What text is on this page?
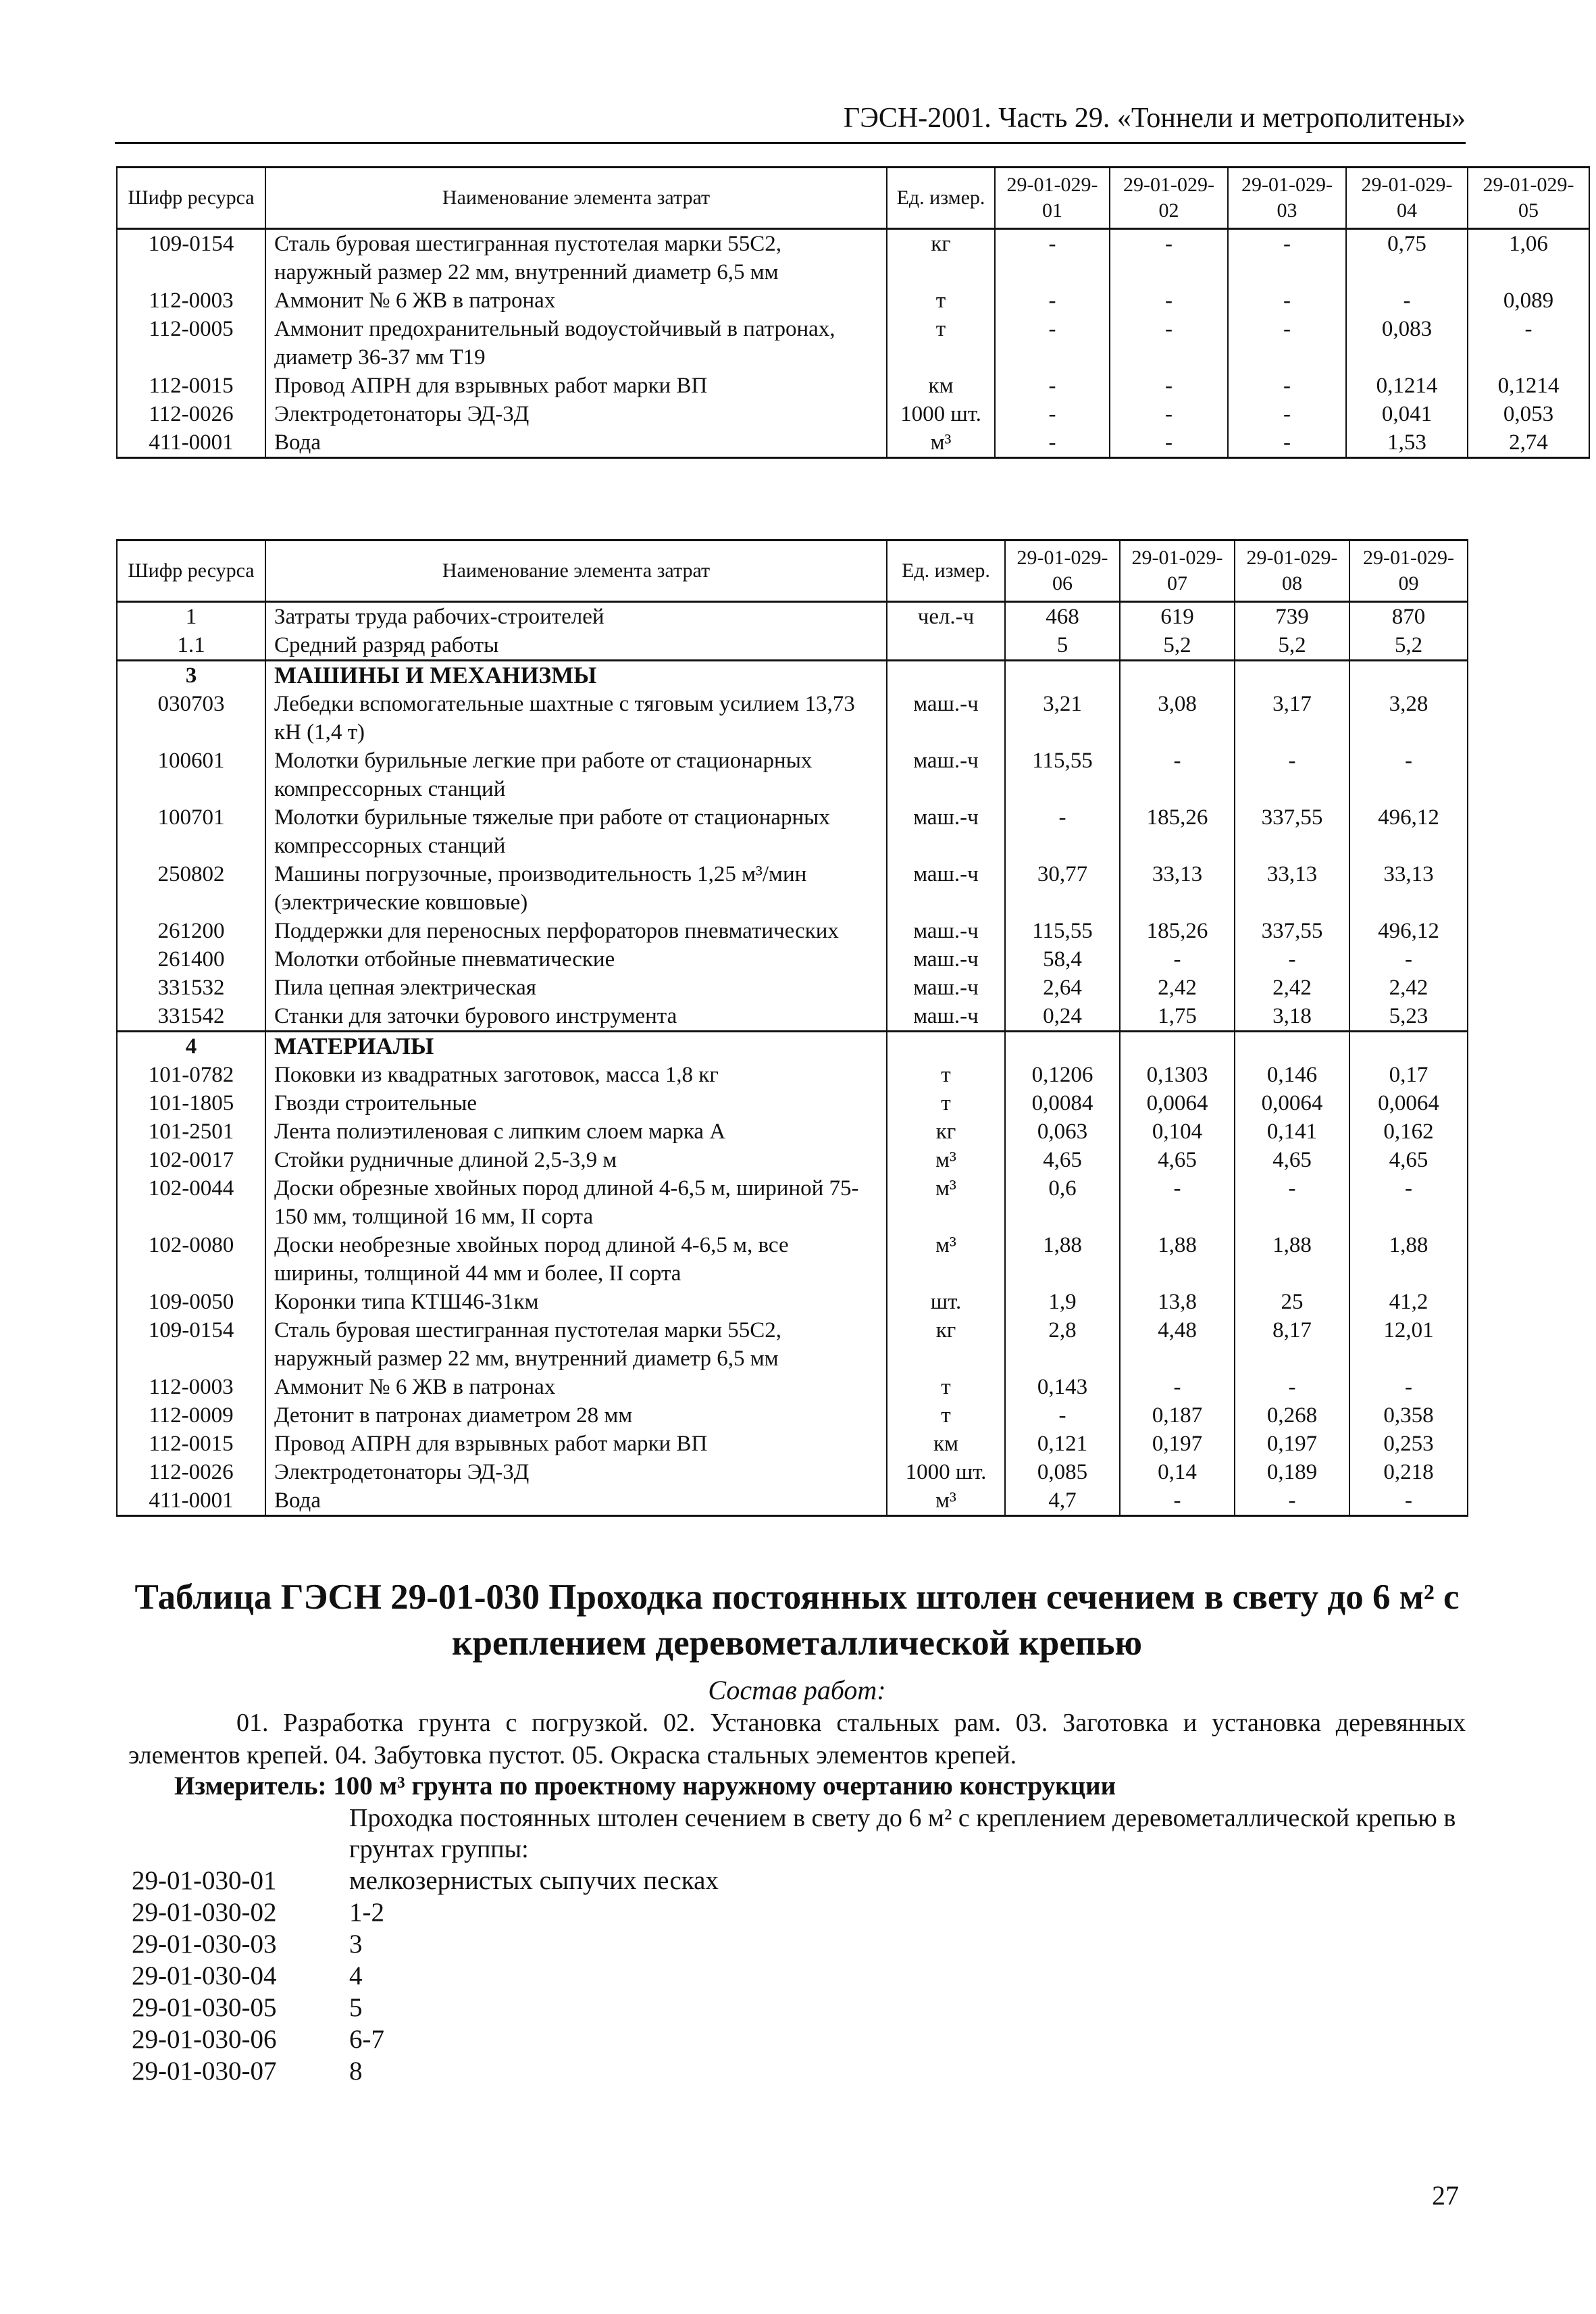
ГЭСН-2001. Часть 29. «Тоннели и метрополитены»
Шифр ресурса	Наименование элемента затрат	Ед. измер.	29-01-029-01	29-01-029-02	29-01-029-03	29-01-029-04	29-01-029-05
109-0154	Сталь буровая шестигранная пустотелая марки 55С2, наружный размер 22 мм, внутренний диаметр 6,5 мм	кг	-	-	-	0,75	1,06
112-0003	Аммонит № 6 ЖВ в патронах	т	-	-	-	-	0,089
112-0005	Аммонит предохранительный водоустойчивый в патронах, диаметр 36-37 мм Т19	т	-	-	-	0,083	-
112-0015	Провод АПРН для взрывных работ марки ВП	км	-	-	-	0,1214	0,1214
112-0026	Электродетонаторы ЭД-3Д	1000 шт.	-	-	-	0,041	0,053
411-0001	Вода	м³	-	-	-	1,53	2,74
Шифр ресурса	Наименование элемента затрат	Ед. измер.	29-01-029-06	29-01-029-07	29-01-029-08	29-01-029-09
1	Затраты труда рабочих-строителей	чел.-ч	468	619	739	870
1.1	Средний разряд работы		5	5,2	5,2	5,2
3	МАШИНЫ И МЕХАНИЗМЫ					
030703	Лебедки вспомогательные шахтные с тяговым усилием 13,73 кН (1,4 т)	маш.-ч	3,21	3,08	3,17	3,28
100601	Молотки бурильные легкие при работе от стационарных компрессорных станций	маш.-ч	115,55	-	-	-
100701	Молотки бурильные тяжелые при работе от стационарных компрессорных станций	маш.-ч	-	185,26	337,55	496,12
250802	Машины погрузочные, производительность 1,25 м³/мин (электрические ковшовые)	маш.-ч	30,77	33,13	33,13	33,13
261200	Поддержки для переносных перфораторов пневматических	маш.-ч	115,55	185,26	337,55	496,12
261400	Молотки отбойные пневматические	маш.-ч	58,4	-	-	-
331532	Пила цепная электрическая	маш.-ч	2,64	2,42	2,42	2,42
331542	Станки для заточки бурового инструмента	маш.-ч	0,24	1,75	3,18	5,23
4	МАТЕРИАЛЫ					
101-0782	Поковки из квадратных заготовок, масса 1,8 кг	т	0,1206	0,1303	0,146	0,17
101-1805	Гвозди строительные	т	0,0084	0,0064	0,0064	0,0064
101-2501	Лента полиэтиленовая с липким слоем марка А	кг	0,063	0,104	0,141	0,162
102-0017	Стойки рудничные длиной 2,5-3,9 м	м³	4,65	4,65	4,65	4,65
102-0044	Доски обрезные хвойных пород длиной 4-6,5 м, шириной 75-150 мм, толщиной 16 мм, II сорта	м³	0,6	-	-	-
102-0080	Доски необрезные хвойных пород длиной 4-6,5 м, все ширины, толщиной 44 мм и более, II сорта	м³	1,88	1,88	1,88	1,88
109-0050	Коронки типа КТШ46-31км	шт.	1,9	13,8	25	41,2
109-0154	Сталь буровая шестигранная пустотелая марки 55С2, наружный размер 22 мм, внутренний диаметр 6,5 мм	кг	2,8	4,48	8,17	12,01
112-0003	Аммонит № 6 ЖВ в патронах	т	0,143	-	-	-
112-0009	Детонит в патронах диаметром 28 мм	т	-	0,187	0,268	0,358
112-0015	Провод АПРН для взрывных работ марки ВП	км	0,121	0,197	0,197	0,253
112-0026	Электродетонаторы ЭД-3Д	1000 шт.	0,085	0,14	0,189	0,218
411-0001	Вода	м³	4,7	-	-	-
Таблица ГЭСН 29-01-030 Проходка постоянных штолен сечением в свету до 6 м² с креплением деревометаллической крепью
Состав работ:
01. Разработка грунта с погрузкой. 02. Установка стальных рам. 03. Заготовка и установка деревянных элементов крепей. 04. Забутовка пустот. 05. Окраска стальных элементов крепей.
Измеритель: 100 м³ грунта по проектному наружному очертанию конструкции
Проходка постоянных штолен сечением в свету до 6 м² с креплением деревометаллической крепью в грунтах группы:
29-01-030-01	мелкозернистых сыпучих песках
29-01-030-02	1-2
29-01-030-03	3
29-01-030-04	4
29-01-030-05	5
29-01-030-06	6-7
29-01-030-07	8
27
